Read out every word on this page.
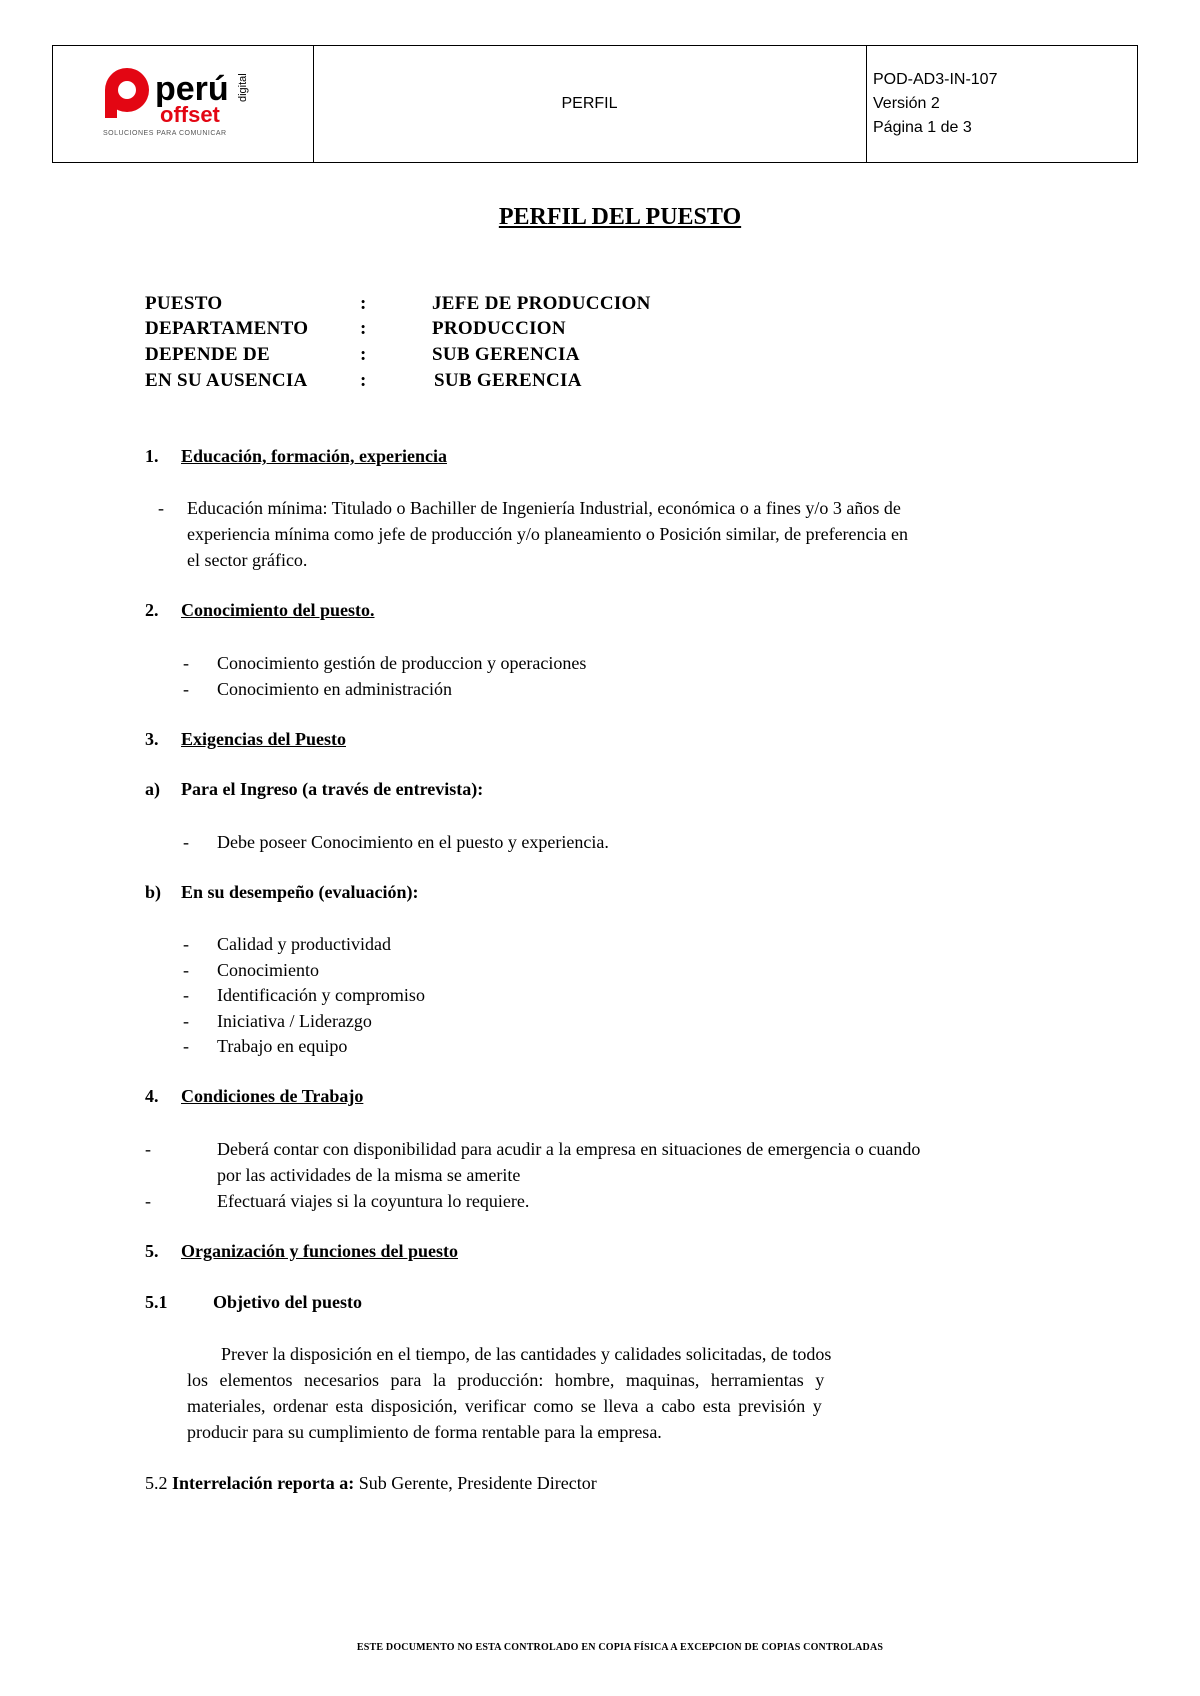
perú
offset
digital
SOLUCIONES PARA COMUNICAR
PERFIL
POD-AD3-IN-107
Versión 2
Página 1 de 3
PERFIL DEL PUESTO
PUESTO	:	JEFE DE PRODUCCION
DEPARTAMENTO	:	PRODUCCION
DEPENDE DE	:	SUB GERENCIA
EN SU AUSENCIA	:	SUB GERENCIA
1. Educación, formación, experiencia
- Educación mínima: Titulado o Bachiller de Ingeniería Industrial, económica o a fines y/o 3 años de
experiencia mínima como jefe de producción y/o planeamiento o Posición similar, de preferencia en
el sector gráfico.
2. Conocimiento del puesto.
- Conocimiento gestión de produccion y operaciones
- Conocimiento en administración
3. Exigencias del Puesto
a) Para el Ingreso (a través de entrevista):
- Debe poseer Conocimiento en el puesto y experiencia.
b) En su desempeño (evaluación):
- Calidad y productividad
- Conocimiento
- Identificación y compromiso
- Iniciativa / Liderazgo
- Trabajo en equipo
4. Condiciones de Trabajo
-	Deberá contar con disponibilidad para acudir a la empresa en situaciones de emergencia o cuando
por las actividades de la misma se amerite
-	Efectuará viajes si la coyuntura lo requiere.
5. Organización y funciones del puesto
5.1	Objetivo del puesto
Prever la disposición en el tiempo, de las cantidades y calidades solicitadas, de todos
los elementos necesarios para la producción: hombre, maquinas, herramientas y
materiales, ordenar esta disposición, verificar como se lleva a cabo esta previsión y
producir para su cumplimiento de forma rentable para la empresa.
5.2 Interrelación reporta a: Sub Gerente, Presidente Director
ESTE DOCUMENTO NO ESTA CONTROLADO EN COPIA FÍSICA A EXCEPCION DE COPIAS CONTROLADAS
